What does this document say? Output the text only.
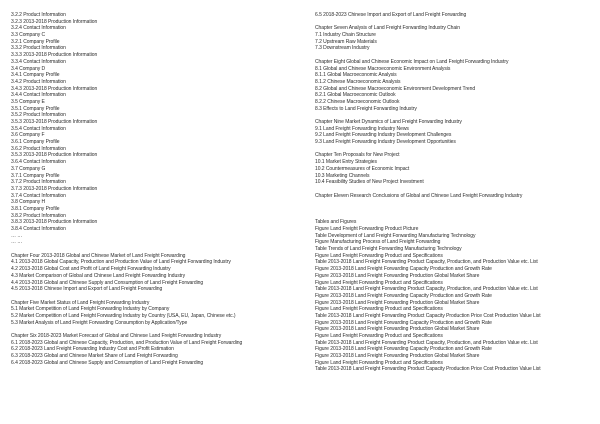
3.2.2 Product Information
3.2.3 2013-2018 Production Information
3.2.4 Contact Information
3.3 Company C
3.2.1 Company Profile
3.3.2 Product Information
3.3.3 2013-2018 Production Information
3.3.4 Contact Information
3.4 Company D
3.4.1 Company Profile
3.4.2 Product Information
3.4.3 2013-2018 Production Information
3.4.4 Contact Information
3.5 Company E
3.5.1 Company Profile
3.5.2 Product Information
3.5.3 2013-2018 Production Information
3.5.4 Contact Information
3.6 Company F
3.6.1 Company Profile
3.6.2 Product Information
3.5.3 2013-2018 Production Information
3.6.4 Contact Information
3.7 Company G
3.7.1 Company Profile
3.7.2 Product Information
3.7.3 2013-2018 Production Information
3.7.4 Contact Information
3.8 Company H
3.8.1 Company Profile
3.8.2 Product Information
3.8.3 2013-2018 Production Information
3.8.4 Contact Information
… …
… …
Chapter Four 2013-2018 Global and Chinese Market of Land Freight Forwarding
4.1 2013-2018 Global Capacity, Production and Production Value of Land Freight Forwarding Industry
4.2 2013-2018 Global Cost and Profit of Land Freight Forwarding Industry
4.3 Market Comparison of Global and Chinese Land Freight Forwarding Industry
4.4 2013-2018 Global and Chinese Supply and Consumption of Land Freight Forwarding
4.5 2013-2018 Chinese Import and Export of Land Freight Forwarding
Chapter Five Market Status of Land Freight Forwarding Industry
5.1 Market Competition of Land Freight Forwarding Industry by Company
5.2 Market Competition of Land Freight Forwarding Industry by Country (USA, EU, Japan, Chinese etc.)
5.3 Market Analysis of Land Freight Forwarding Consumption by Application/Type
Chapter Six 2018-2023 Market Forecast of Global and Chinese Land Freight Forwarding Industry
6.1 2018-2023 Global and Chinese Capacity, Production, and Production Value of Land Freight Forwarding
6.2 2018-2023 Land Freight Forwarding Industry Cost and Profit Estimation
6.3 2018-2023 Global and Chinese Market Share of Land Freight Forwarding
6.4 2018-2023 Global and Chinese Supply and Consumption of Land Freight Forwarding
6.5 2018-2023 Chinese Import and Export of Land Freight Forwarding
Chapter Seven Analysis of Land Freight Forwarding Industry Chain
7.1 Industry Chain Structure
7.2 Upstream Raw Materials
7.3 Downstream Industry
Chapter Eight Global and Chinese Economic Impact on Land Freight Forwarding Industry
8.1 Global and Chinese Macroeconomic Environment Analysis
8.1.1 Global Macroeconomic Analysis
8.1.2 Chinese Macroeconomic Analysis
8.2 Global and Chinese Macroeconomic Environment Development Trend
8.2.1 Global Macroeconomic Outlook
8.2.2 Chinese Macroeconomic Outlook
8.3 Effects to Land Freight Forwarding Industry
Chapter Nine Market Dynamics of Land Freight Forwarding Industry
9.1 Land Freight Forwarding Industry News
9.2 Land Freight Forwarding Industry Development Challenges
9.3 Land Freight Forwarding Industry Development Opportunities
Chapter Ten Proposals for New Project
10.1 Market Entry Strategies
10.2 Countermeasures of Economic Impact
10.3 Marketing Channels
10.4 Feasibility Studies of New Project Investment
Chapter Eleven Research Conclusions of Global and Chinese Land Freight Forwarding Industry
Tables and Figures
Figure Land Freight Forwarding Product Picture
Table Development of Land Freight Forwarding Manufacturing Technology
Figure Manufacturing Process of Land Freight Forwarding
Table Trends of Land Freight Forwarding Manufacturing Technology
Figure Land Freight Forwarding Product and Specifications
Table 2013-2018 Land Freight Forwarding Product Capacity, Production, and Production Value etc. List
Figure 2013-2018 Land Freight Forwarding Capacity Production and Growth Rate
Figure 2013-2018 Land Freight Forwarding Production Global Market Share
Figure Land Freight Forwarding Product and Specifications
Table 2013-2018 Land Freight Forwarding Product Capacity, Production, and Production Value etc. List
Figure 2013-2018 Land Freight Forwarding Capacity Production and Growth Rate
Figure 2013-2018 Land Freight Forwarding Production Global Market Share
Figure Land Freight Forwarding Product and Specifications
Table 2013-2018 Land Freight Forwarding Product Capacity Production Price Cost Production Value List
Figure 2013-2018 Land Freight Forwarding Capacity Production and Growth Rate
Figure 2013-2018 Land Freight Forwarding Production Global Market Share
Figure Land Freight Forwarding Product and Specifications
Table 2013-2018 Land Freight Forwarding Product Capacity, Production, and Production Value etc. List
Figure 2013-2018 Land Freight Forwarding Capacity Production and Growth Rate
Figure 2013-2018 Land Freight Forwarding Production Global Market Share
Figure Land Freight Forwarding Product and Specifications
Table 2013-2018 Land Freight Forwarding Product Capacity Production Price Cost Production Value List
